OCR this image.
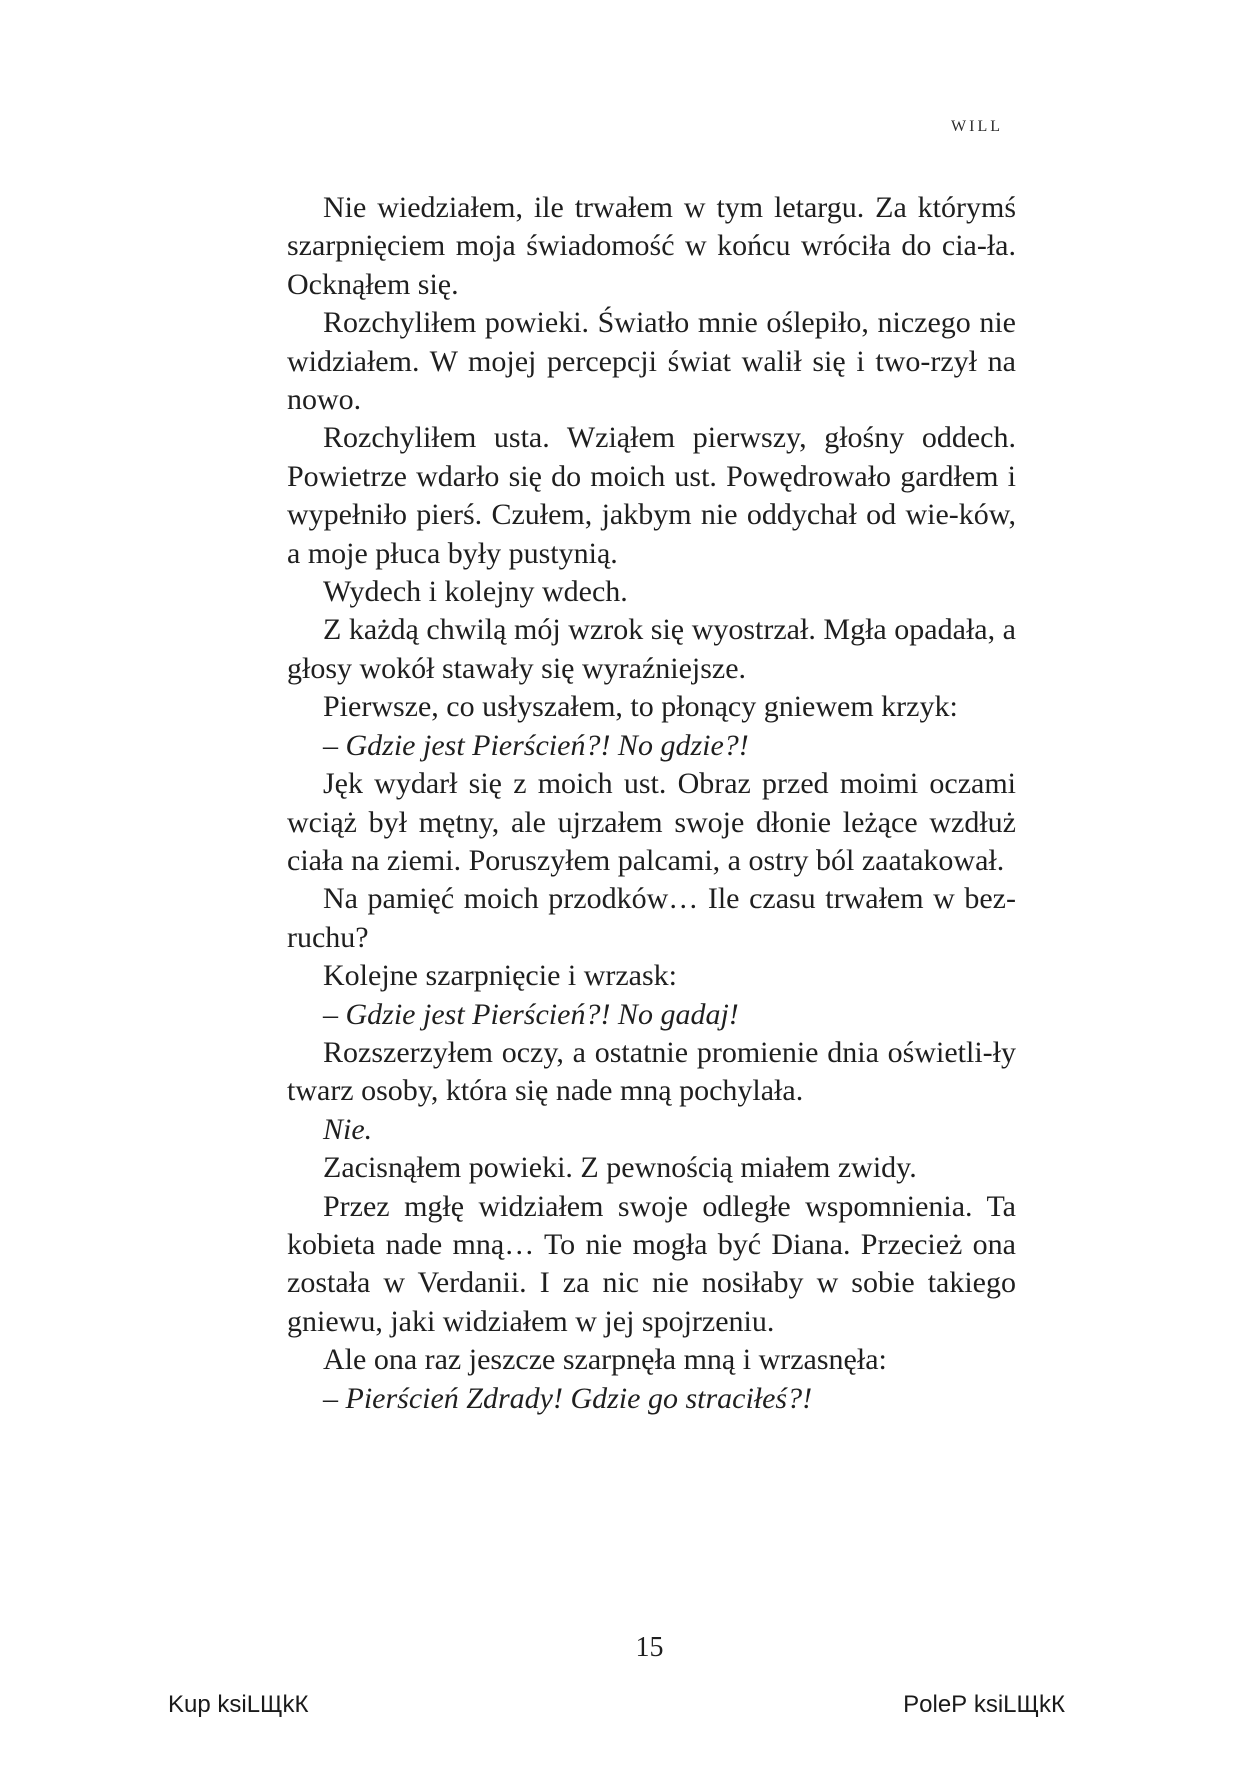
WILL

Nie wiedziałem, ile trwałem w tym letargu. Za którymś szarpnięciem moja świadomość w końcu wróciła do cia-ła. Ocknąłem się.

Rozchyliłem powieki. Światło mnie oślepiło, niczego nie widziałem. W mojej percepcji świat walił się i two-rzył na nowo.

Rozchyliłem usta. Wziąłem pierwszy, głośny oddech. Powietrze wdarło się do moich ust. Powędrowało gardłem i wypełniło pierś. Czułem, jakbym nie oddychał od wie-ków, a moje płuca były pustynią.

Wydech i kolejny wdech.

Z każdą chwilą mój wzrok się wyostrzał. Mgła opadała, a głosy wokół stawały się wyraźniejsze.

Pierwsze, co usłyszałem, to płonący gniewem krzyk:

– Gdzie jest Pierścień?! No gdzie?!

Jęk wydarł się z moich ust. Obraz przed moimi oczami wciąż był mętny, ale ujrzałem swoje dłonie leżące wzdłuż ciała na ziemi. Poruszyłem palcami, a ostry ból zaatakował.

Na pamięć moich przodków… Ile czasu trwałem w bez-ruchu?

Kolejne szarpnięcie i wrzask:

– Gdzie jest Pierścień?! No gadaj!

Rozszerzyłem oczy, a ostatnie promienie dnia oświetli-ły twarz osoby, która się nade mną pochylała.

Nie.

Zacisnąłem powieki. Z pewnością miałem zwidy.

Przez mgłę widziałem swoje odległe wspomnienia. Ta kobieta nade mną… To nie mogła być Diana. Przecież ona została w Verdanii. I za nic nie nosiłaby w sobie takiego gniewu, jaki widziałem w jej spojrzeniu.

Ale ona raz jeszcze szarpnęła mną i wrzasnęła:

– Pierścień Zdrady! Gdzie go straciłeś?!

15
Kup ksiLЩkК	PoleР ksiLЩkК
